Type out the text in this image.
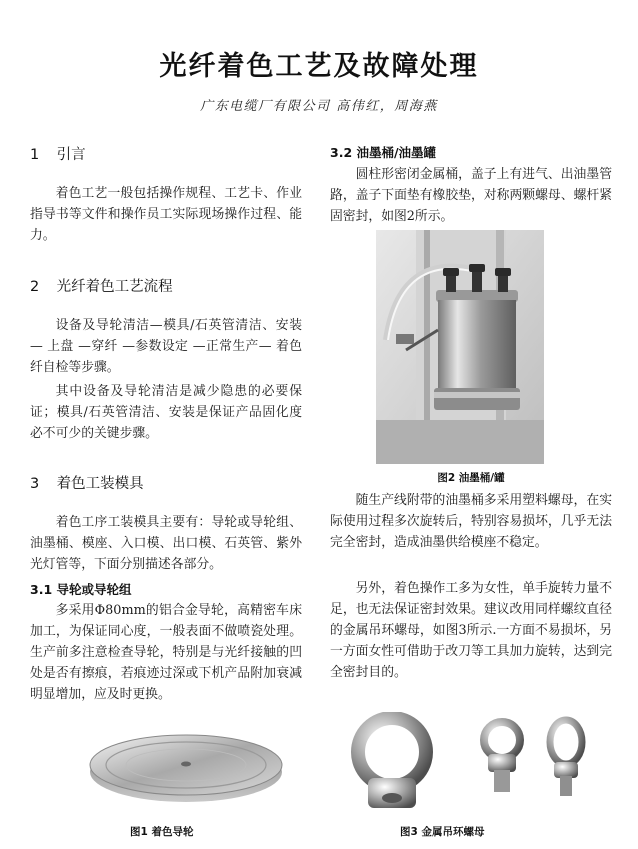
光纤着色工艺及故障处理
广东电缆厂有限公司 高伟红，周海燕
1 引言

着色工艺一般包括操作规程、工艺卡、作业指导书等文件和操作员工实际现场操作过程、能力。

2 光纤着色工艺流程

设备及导轮清洁—模具/石英管清洁、安装— 上盘 —穿纤 —参数设定 —正常生产— 着色纤自检等步骤。

其中设备及导轮清洁是减少隐患的必要保证；模具/石英管清洁、安装是保证产品固化度必不可少的关键步骤。

3 着色工装模具

着色工序工装模具主要有：导轮或导轮组、油墨桶、模座、入口模、出口模、石英管、紫外光灯管等，下面分别描述各部分。

3.1 导轮或导轮组

多采用Φ80mm的铝合金导轮，高精密车床加工，为保证同心度，一般表面不做喷瓷处理。生产前多注意检查导轮，特别是与光纤接触的凹处是否有擦痕，若痕迹过深或下机产品附加衰减明显增加，应及时更换。

图1 着色导轮
3.2 油墨桶/油墨罐

圆柱形密闭金属桶，盖子上有进气、出油墨管路，盖子下面垫有橡胶垫，对称两颗螺母、螺杆紧固密封，如图2所示。

图2 油墨桶/罐

随生产线附带的油墨桶多采用塑料螺母，在实际使用过程多次旋转后，特别容易损坏，几乎无法完全密封，造成油墨供给模座不稳定。

另外，着色操作工多为女性，单手旋转力量不足，也无法保证密封效果。建议改用同样螺纹直径的金属吊环螺母，如图3所示.一方面不易损坏，另一方面女性可借助于改刀等工具加力旋转，达到完全密封目的。

图3 金属吊环螺母
